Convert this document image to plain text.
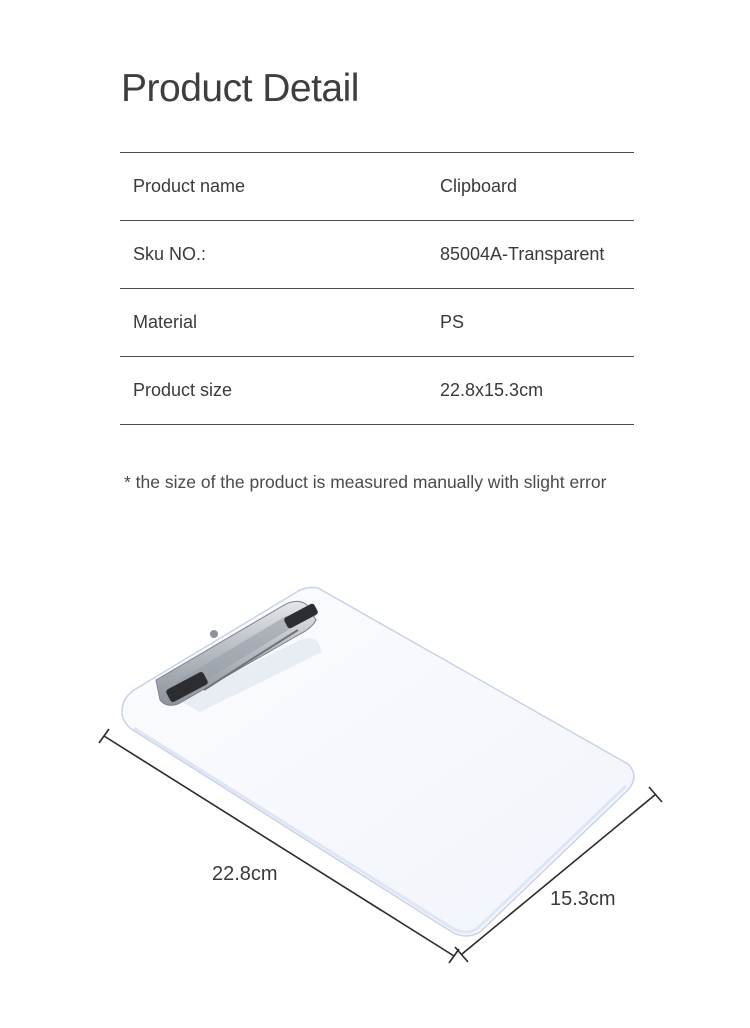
Product Detail
Product name	Clipboard
Sku NO.:	85004A-Transparent
Material	PS
Product size	22.8x15.3cm
* the size of the product is measured manually with slight error
22.8cm
15.3cm
